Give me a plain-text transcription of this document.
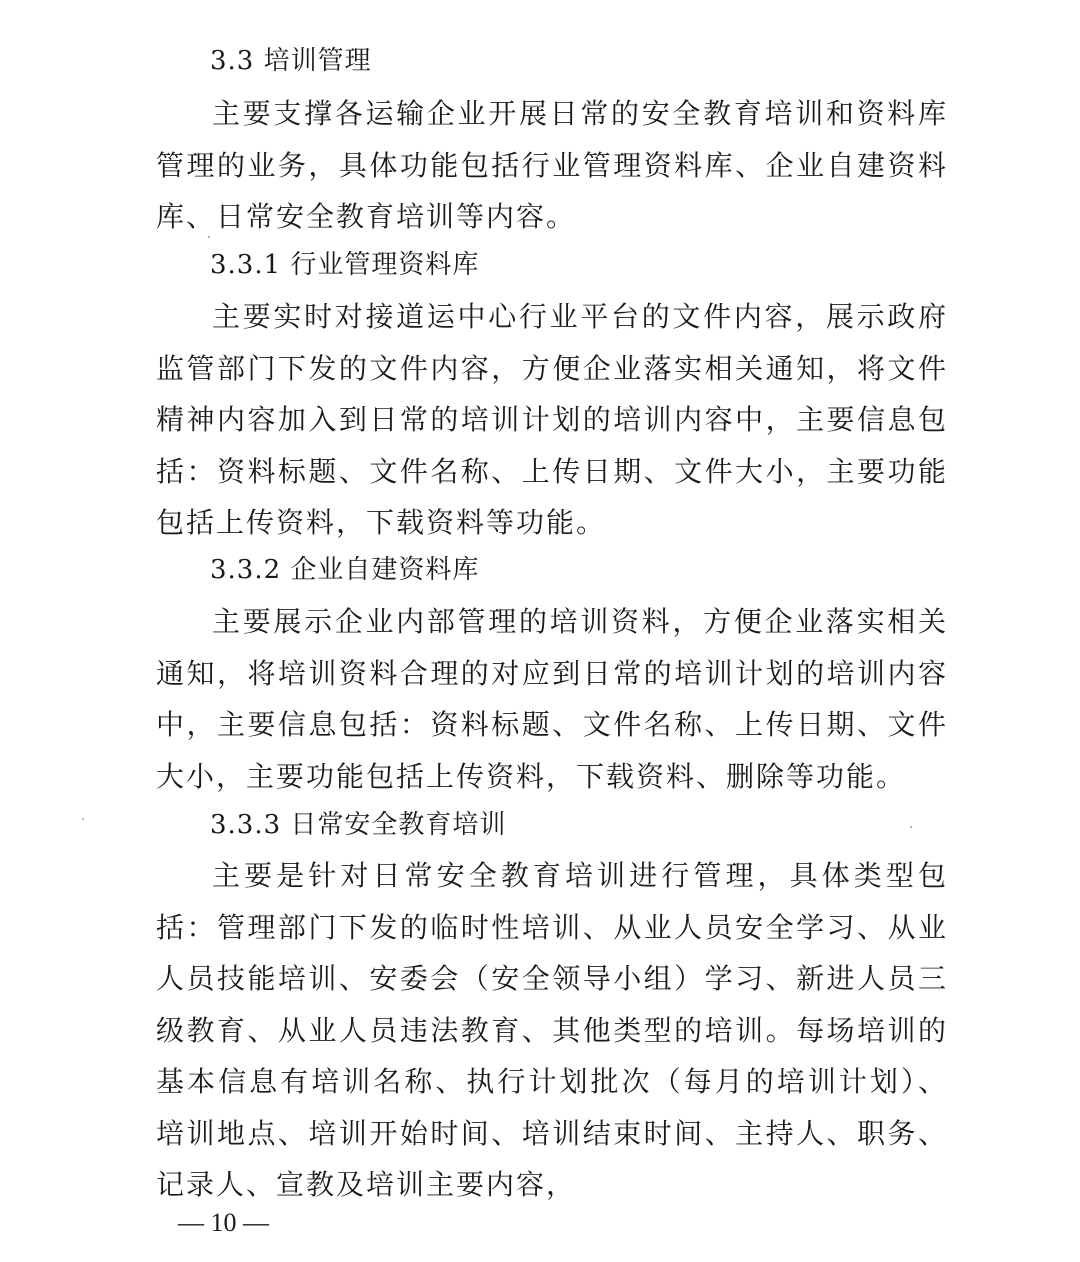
3.3 培训管理

主要支撑各运输企业开展日常的安全教育培训和资料库管理的业务，具体功能包括行业管理资料库、企业自建资料库、日常安全教育培训等内容。

3.3.1 行业管理资料库

主要实时对接道运中心行业平台的文件内容，展示政府监管部门下发的文件内容，方便企业落实相关通知，将文件精神内容加入到日常的培训计划的培训内容中，主要信息包括：资料标题、文件名称、上传日期、文件大小，主要功能包括上传资料，下载资料等功能。

3.3.2 企业自建资料库

主要展示企业内部管理的培训资料，方便企业落实相关通知，将培训资料合理的对应到日常的培训计划的培训内容中，主要信息包括：资料标题、文件名称、上传日期、文件大小，主要功能包括上传资料，下载资料、删除等功能。

3.3.3 日常安全教育培训

主要是针对日常安全教育培训进行管理，具体类型包括：管理部门下发的临时性培训、从业人员安全学习、从业人员技能培训、安委会（安全领导小组）学习、新进人员三级教育、从业人员违法教育、其他类型的培训。每场培训的基本信息有培训名称、执行计划批次（每月的培训计划）、培训地点、培训开始时间、培训结束时间、主持人、职务、记录人、宣教及培训主要内容，

— 10 —
